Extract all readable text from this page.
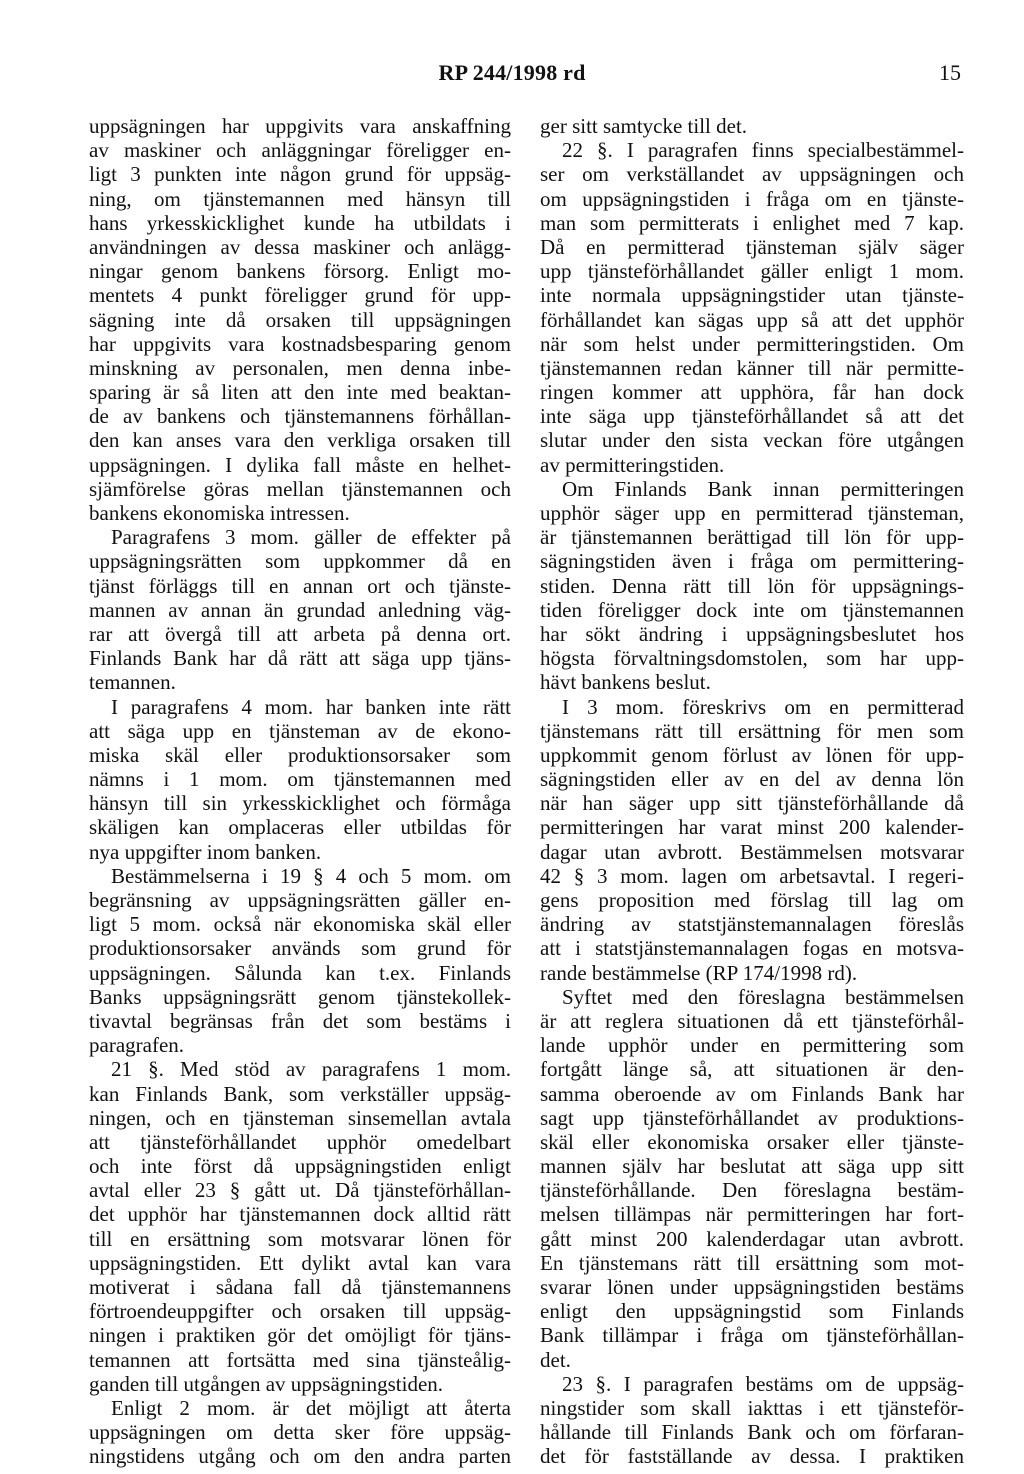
RP 244/1998 rd	15
uppsägningen har uppgivits vara anskaffning
av maskiner och anläggningar föreligger en-
ligt 3 punkten inte någon grund för uppsäg-
ning, om tjänstemannen med hänsyn till
hans yrkesskicklighet kunde ha utbildats i
användningen av dessa maskiner och anlägg-
ningar genom bankens försorg. Enligt mo-
mentets 4 punkt föreligger grund för upp-
sägning inte då orsaken till uppsägningen
har uppgivits vara kostnadsbesparing genom
minskning av personalen, men denna inbe-
sparing är så liten att den inte med beaktan-
de av bankens och tjänstemannens förhållan-
den kan anses vara den verkliga orsaken till
uppsägningen. I dylika fall måste en helhet-
sjämförelse göras mellan tjänstemannen och
bankens ekonomiska intressen.
Paragrafens 3 mom. gäller de effekter på
uppsägningsrätten som uppkommer då en
tjänst förläggs till en annan ort och tjänste-
mannen av annan än grundad anledning väg-
rar att övergå till att arbeta på denna ort.
Finlands Bank har då rätt att säga upp tjäns-
temannen.
I paragrafens 4 mom. har banken inte rätt
att säga upp en tjänsteman av de ekono-
miska skäl eller produktionsorsaker som
nämns i 1 mom. om tjänstemannen med
hänsyn till sin yrkesskicklighet och förmåga
skäligen kan omplaceras eller utbildas för
nya uppgifter inom banken.
Bestämmelserna i 19 § 4 och 5 mom. om
begränsning av uppsägningsrätten gäller en-
ligt 5 mom. också när ekonomiska skäl eller
produktionsorsaker används som grund för
uppsägningen. Sålunda kan t.ex. Finlands
Banks uppsägningsrätt genom tjänstekollek-
tivavtal begränsas från det som bestäms i
paragrafen.
21 §. Med stöd av paragrafens 1 mom.
kan Finlands Bank, som verkställer uppsäg-
ningen, och en tjänsteman sinsemellan avtala
att tjänsteförhållandet upphör omedelbart
och inte först då uppsägningstiden enligt
avtal eller 23 § gått ut. Då tjänsteförhållan-
det upphör har tjänstemannen dock alltid rätt
till en ersättning som motsvarar lönen för
uppsägningstiden. Ett dylikt avtal kan vara
motiverat i sådana fall då tjänstemannens
förtroendeuppgifter och orsaken till uppsäg-
ningen i praktiken gör det omöjligt för tjäns-
temannen att fortsätta med sina tjänsteålig-
ganden till utgången av uppsägningstiden.
Enligt 2 mom. är det möjligt att återta
uppsägningen om detta sker före uppsäg-
ningstidens utgång och om den andra parten
ger sitt samtycke till det.
22 §. I paragrafen finns specialbestämmel-
ser om verkställandet av uppsägningen och
om uppsägningstiden i fråga om en tjänste-
man som permitterats i enlighet med 7 kap.
Då en permitterad tjänsteman själv säger
upp tjänsteförhållandet gäller enligt 1 mom.
inte normala uppsägningstider utan tjänste-
förhållandet kan sägas upp så att det upphör
när som helst under permitteringstiden. Om
tjänstemannen redan känner till när permitte-
ringen kommer att upphöra, får han dock
inte säga upp tjänsteförhållandet så att det
slutar under den sista veckan före utgången
av permitteringstiden.
Om Finlands Bank innan permitteringen
upphör säger upp en permitterad tjänsteman,
är tjänstemannen berättigad till lön för upp-
sägningstiden även i fråga om permittering-
stiden. Denna rätt till lön för uppsägnings-
tiden föreligger dock inte om tjänstemannen
har sökt ändring i uppsägningsbeslutet hos
högsta förvaltningsdomstolen, som har upp-
hävt bankens beslut.
I 3 mom. föreskrivs om en permitterad
tjänstemans rätt till ersättning för men som
uppkommit genom förlust av lönen för upp-
sägningstiden eller av en del av denna lön
när han säger upp sitt tjänsteförhållande då
permitteringen har varat minst 200 kalender-
dagar utan avbrott. Bestämmelsen motsvarar
42 § 3 mom. lagen om arbetsavtal. I regeri-
gens proposition med förslag till lag om
ändring av statstjänstemannalagen föreslås
att i statstjänstemannalagen fogas en motsva-
rande bestämmelse (RP 174/1998 rd).
Syftet med den föreslagna bestämmelsen
är att reglera situationen då ett tjänsteförhål-
lande upphör under en permittering som
fortgått länge så, att situationen är den-
samma oberoende av om Finlands Bank har
sagt upp tjänsteförhållandet av produktions-
skäl eller ekonomiska orsaker eller tjänste-
mannen själv har beslutat att säga upp sitt
tjänsteförhållande. Den föreslagna bestäm-
melsen tillämpas när permitteringen har fort-
gått minst 200 kalenderdagar utan avbrott.
En tjänstemans rätt till ersättning som mot-
svarar lönen under uppsägningstiden bestäms
enligt den uppsägningstid som Finlands
Bank tillämpar i fråga om tjänsteförhållan-
det.
23 §. I paragrafen bestäms om de uppsäg-
ningstider som skall iakttas i ett tjänsteför-
hållande till Finlands Bank och om förfaran-
det för fastställande av dessa. I praktiken
